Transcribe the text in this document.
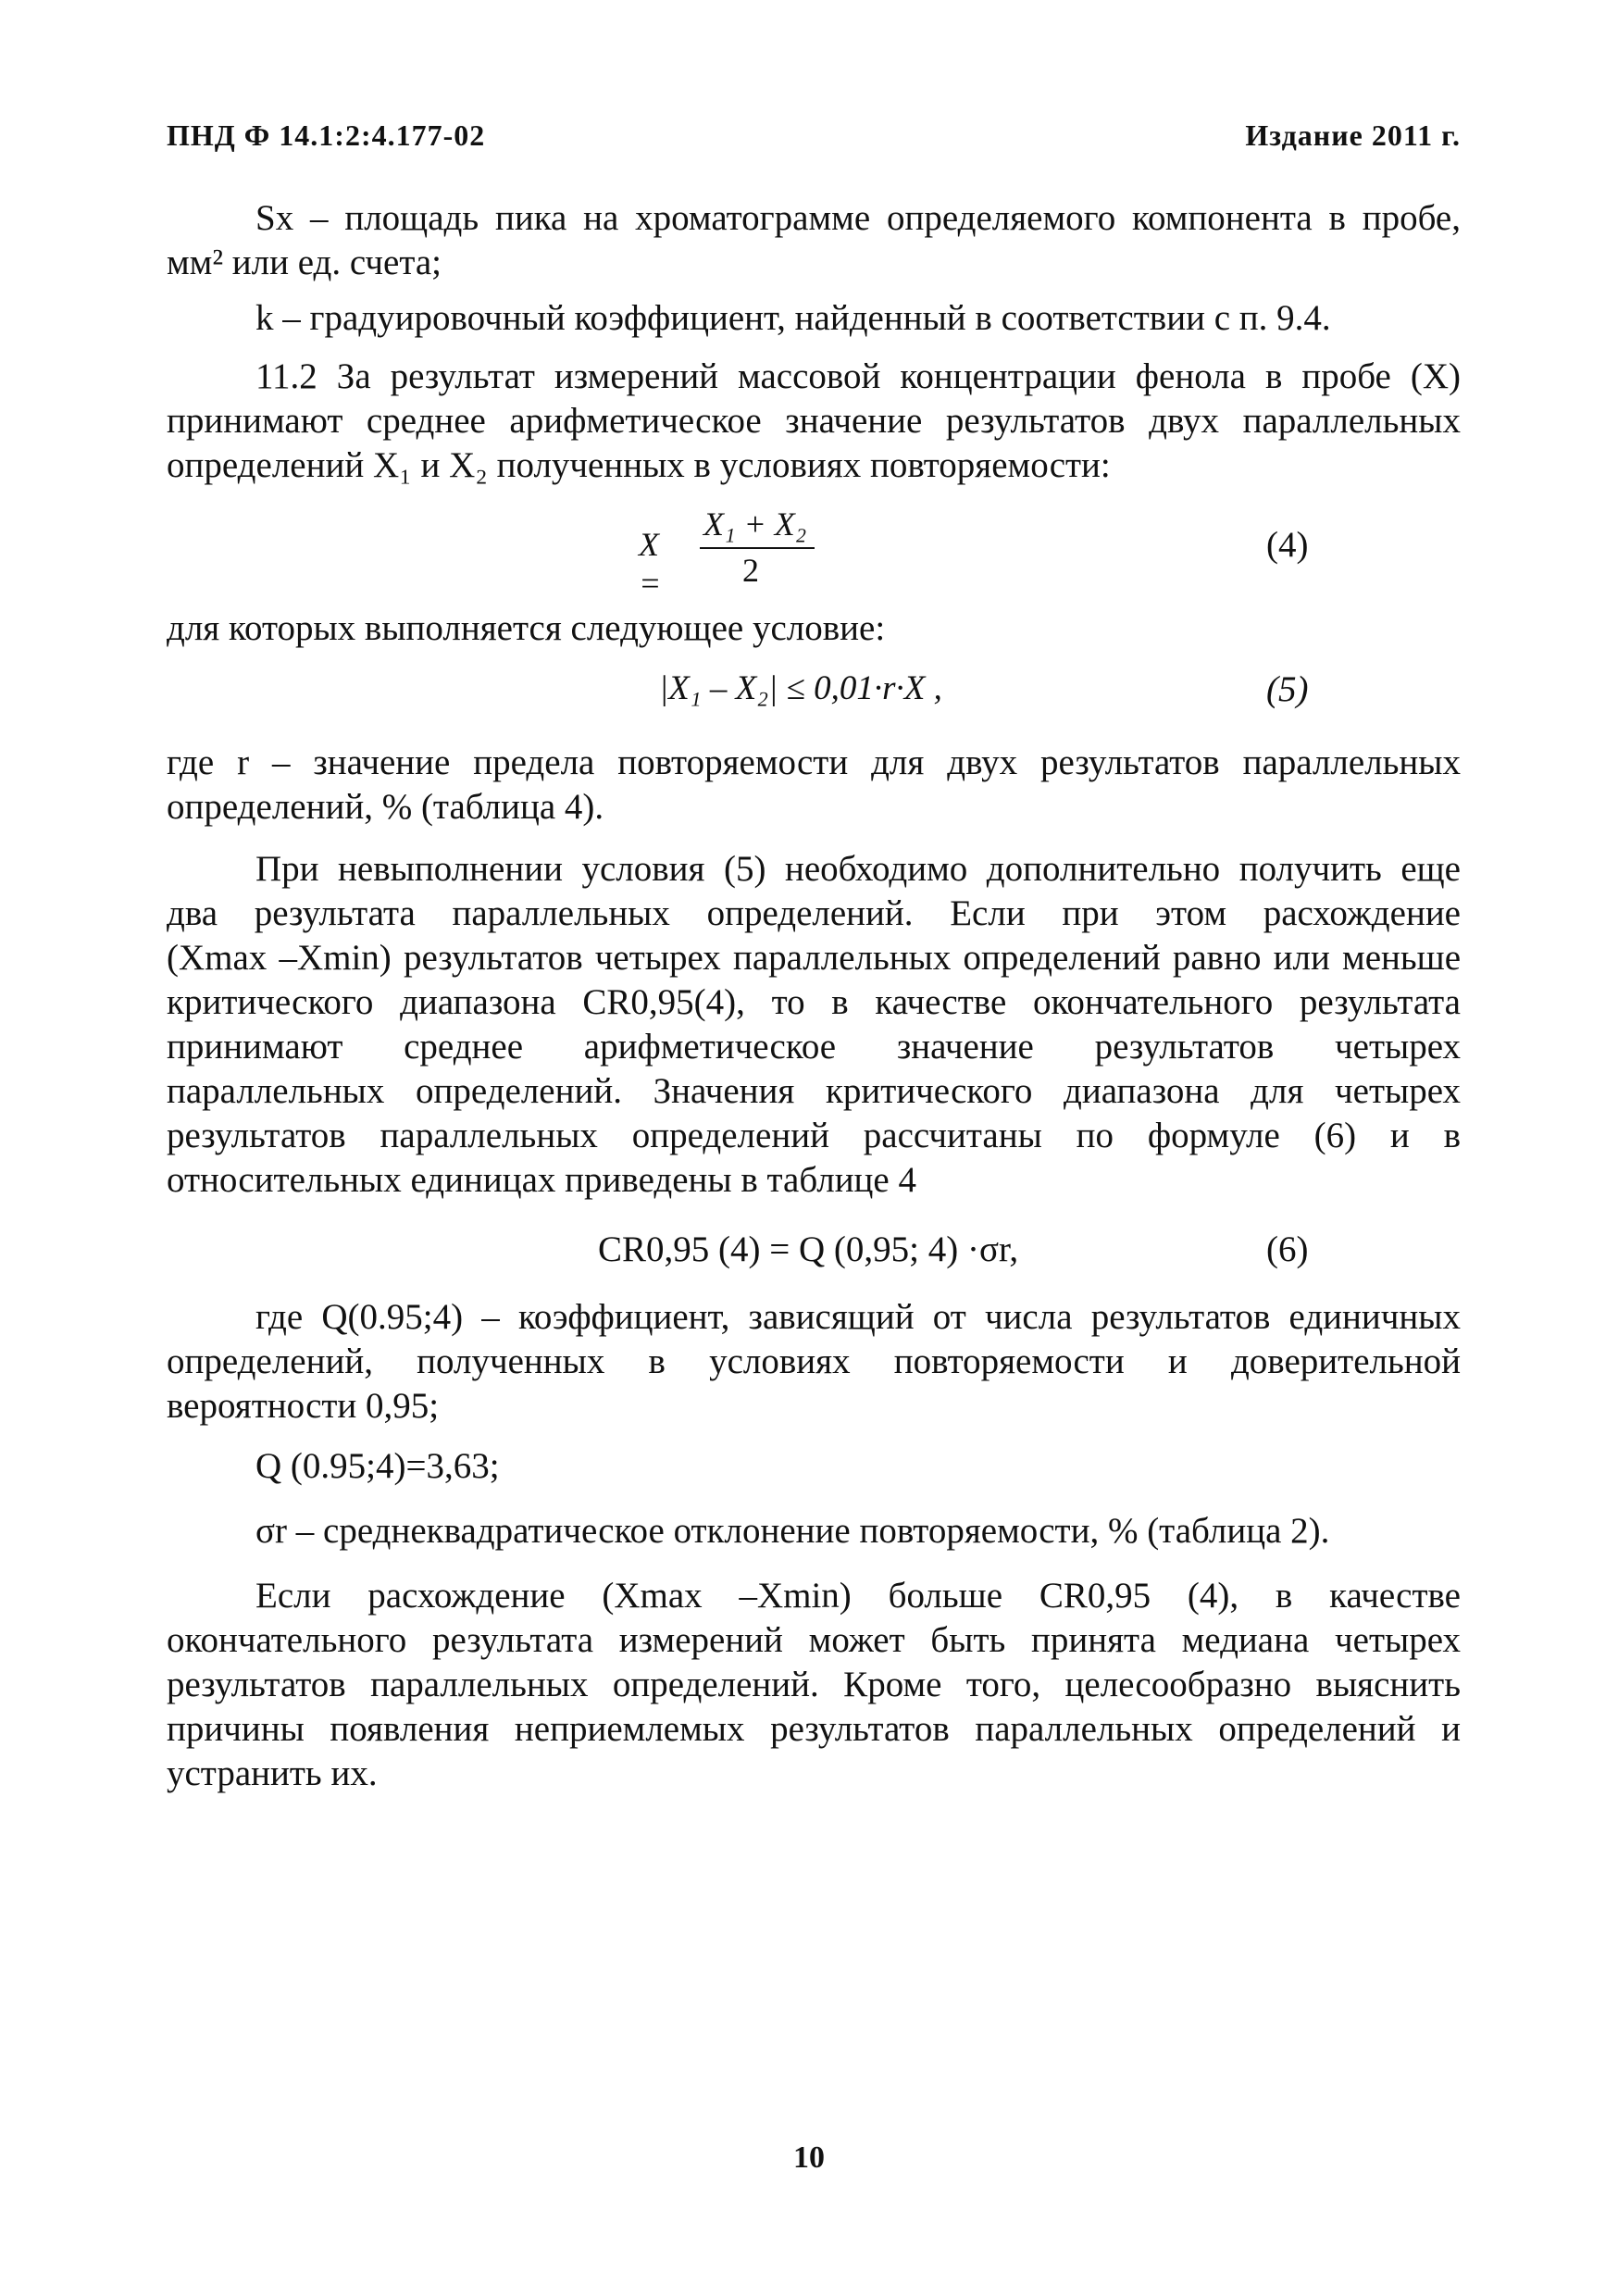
ПНД Ф 14.1:2:4.177-02	Издание 2011 г.

Sx – площадь пика на хроматограмме определяемого компонента в пробе,

мм² или ед. счета;

k – градуировочный коэффициент, найденный в соответствии с п. 9.4.

11.2 За результат измерений массовой концентрации фенола в пробе (X)

принимают среднее арифметическое значение результатов двух параллельных

определений X₁ и X₂ полученных в условиях повторяемости:

X =
X₁ + X₂
2
(4)

для которых выполняется следующее условие:

|X₁ – X₂| ≤ 0,01·r·X ,	(5)

где r – значение предела повторяемости для двух результатов параллельных

определений, % (таблица 4).

При невыполнении условия (5) необходимо дополнительно получить еще

два результата параллельных определений. Если при этом расхождение

(Xmax –Xmin) результатов четырех параллельных определений равно или меньше

критического диапазона CR0,95(4), то в качестве окончательного результата

принимают среднее арифметическое значение результатов четырех

параллельных определений. Значения критического диапазона для четырех

результатов параллельных определений рассчитаны по формуле (6) и в

относительных единицах приведены в таблице 4

CR0,95 (4) = Q (0,95; 4) ·σr,	(6)

где Q(0.95;4) – коэффициент, зависящий от числа результатов единичных

определений, полученных в условиях повторяемости и доверительной

вероятности 0,95;

Q (0.95;4)=3,63;

σr – среднеквадратическое отклонение повторяемости, % (таблица 2).

Если расхождение (Xmax –Xmin) больше CR0,95 (4), в качестве

окончательного результата измерений может быть принята медиана четырех

результатов параллельных определений. Кроме того, целесообразно выяснить

причины появления неприемлемых результатов параллельных определений и

устранить их.

10
